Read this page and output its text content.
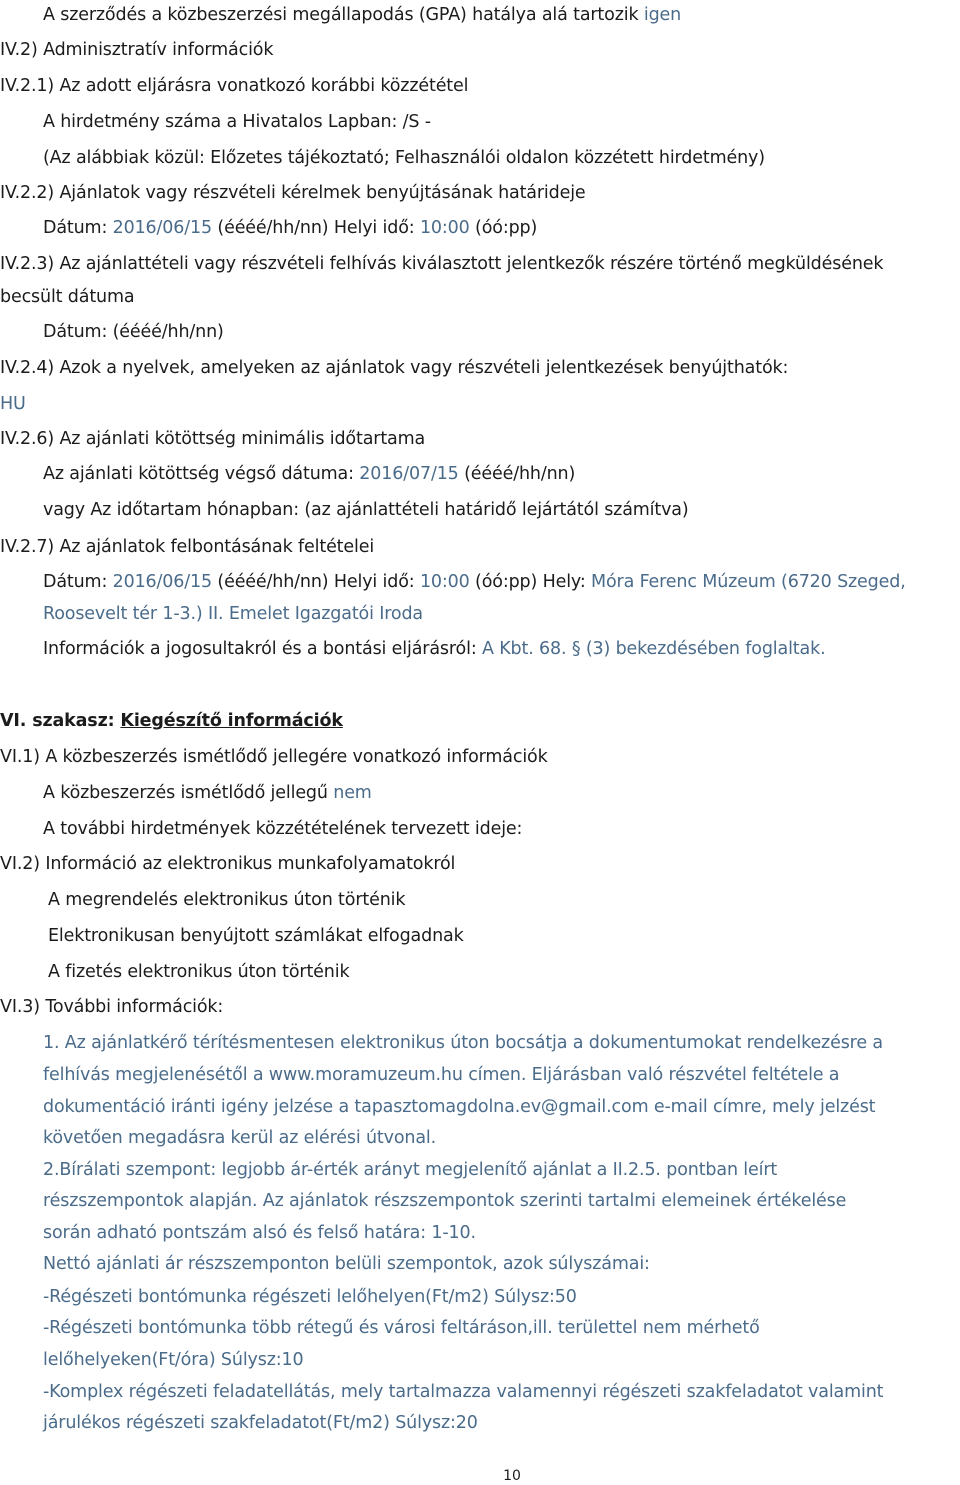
A szerződés a közbeszerzési megállapodás (GPA) hatálya alá tartozik igen
IV.2) Adminisztratív információk
IV.2.1) Az adott eljárásra vonatkozó korábbi közzététel
A hirdetmény száma a Hivatalos Lapban: /S -
(Az alábbiak közül: Előzetes tájékoztató; Felhasználói oldalon közzétett hirdetmény)
IV.2.2) Ajánlatok vagy részvételi kérelmek benyújtásának határideje
Dátum: 2016/06/15 (éééé/hh/nn) Helyi idő: 10:00 (óó:pp)
IV.2.3) Az ajánlattételi vagy részvételi felhívás kiválasztott jelentkezők részére történő megküldésének
becsült dátuma
Dátum: (éééé/hh/nn)
IV.2.4) Azok a nyelvek, amelyeken az ajánlatok vagy részvételi jelentkezések benyújthatók:
HU
IV.2.6) Az ajánlati kötöttség minimális időtartama
Az ajánlati kötöttség végső dátuma: 2016/07/15 (éééé/hh/nn)
vagy Az időtartam hónapban: (az ajánlattételi határidő lejártától számítva)
IV.2.7) Az ajánlatok felbontásának feltételei
Dátum: 2016/06/15 (éééé/hh/nn) Helyi idő: 10:00 (óó:pp) Hely: Móra Ferenc Múzeum (6720 Szeged,
Roosevelt tér 1-3.) II. Emelet Igazgatói Iroda
Információk a jogosultakról és a bontási eljárásról: A Kbt. 68. § (3) bekezdésében foglaltak.
VI. szakasz: Kiegészítő információk
VI.1) A közbeszerzés ismétlődő jellegére vonatkozó információk
A közbeszerzés ismétlődő jellegű nem
A további hirdetmények közzétételének tervezett ideje:
VI.2) Információ az elektronikus munkafolyamatokról
A megrendelés elektronikus úton történik
Elektronikusan benyújtott számlákat elfogadnak
A fizetés elektronikus úton történik
VI.3) További információk:
1. Az ajánlatkérő térítésmentesen elektronikus úton bocsátja a dokumentumokat rendelkezésre a
felhívás megjelenésétől a www.moramuzeum.hu címen. Eljárásban való részvétel feltétele a
dokumentáció iránti igény jelzése a tapasztomagdolna.ev@gmail.com e-mail címre, mely jelzést
követően megadásra kerül az elérési útvonal.
2.Bírálati szempont: legjobb ár-érték arányt megjelenítő ajánlat a II.2.5. pontban leírt
részszempontok alapján. Az ajánlatok részszempontok szerinti tartalmi elemeinek értékelése
során adható pontszám alsó és felső határa: 1-10.
Nettó ajánlati ár részszemponton belüli szempontok, azok súlyszámai:
-Régészeti bontómunka régészeti lelőhelyen(Ft/m2) Súlysz:50
-Régészeti bontómunka több rétegű és városi feltáráson,ill. területtel nem mérhető
lelőhelyeken(Ft/óra) Súlysz:10
-Komplex régészeti feladatellátás, mely tartalmazza valamennyi régészeti szakfeladatot valamint
járulékos régészeti szakfeladatot(Ft/m2) Súlysz:20
10
